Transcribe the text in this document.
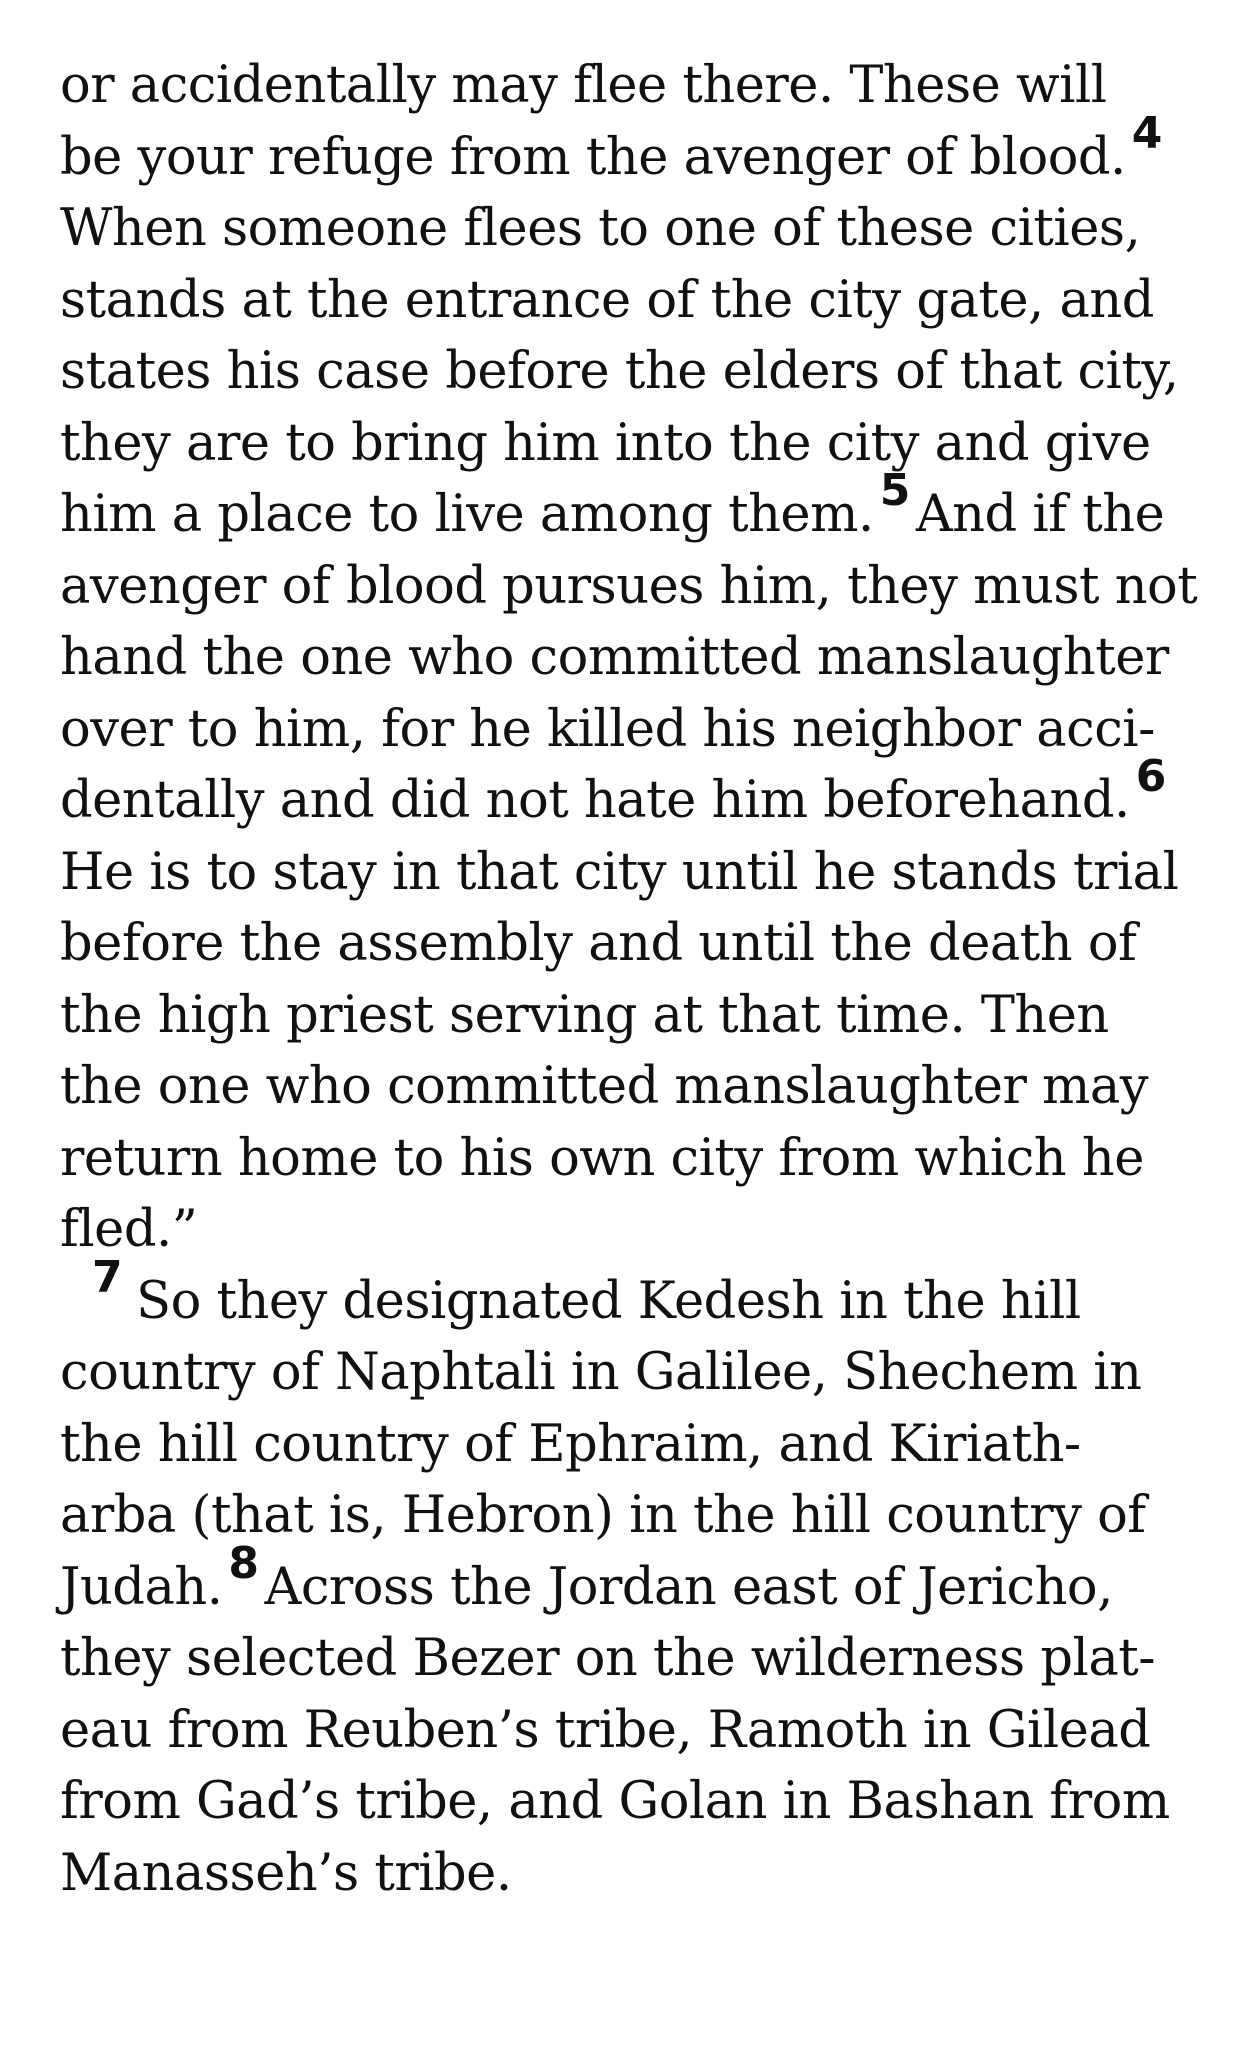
or accidentally may flee there. These will
be your refuge from the avenger of blood. 4
When someone flees to one of these cities,
stands at the entrance of the city gate, and
states his case before the elders of that city,
they are to bring him into the city and give
him a place to live among them. 5 And if the
avenger of blood pursues him, they must not
hand the one who committed manslaughter
over to him, for he killed his neighbor acci-
dentally and did not hate him beforehand. 6
He is to stay in that city until he stands trial
before the assembly and until the death of
the high priest serving at that time. Then
the one who committed manslaughter may
return home to his own city from which he
fled.”
7 So they designated Kedesh in the hill
country of Naphtali in Galilee, Shechem in
the hill country of Ephraim, and Kiriath-
arba (that is, Hebron) in the hill country of
Judah. 8 Across the Jordan east of Jericho,
they selected Bezer on the wilderness plat-
eau from Reuben’s tribe, Ramoth in Gilead
from Gad’s tribe, and Golan in Bashan from
Manasseh’s tribe.
